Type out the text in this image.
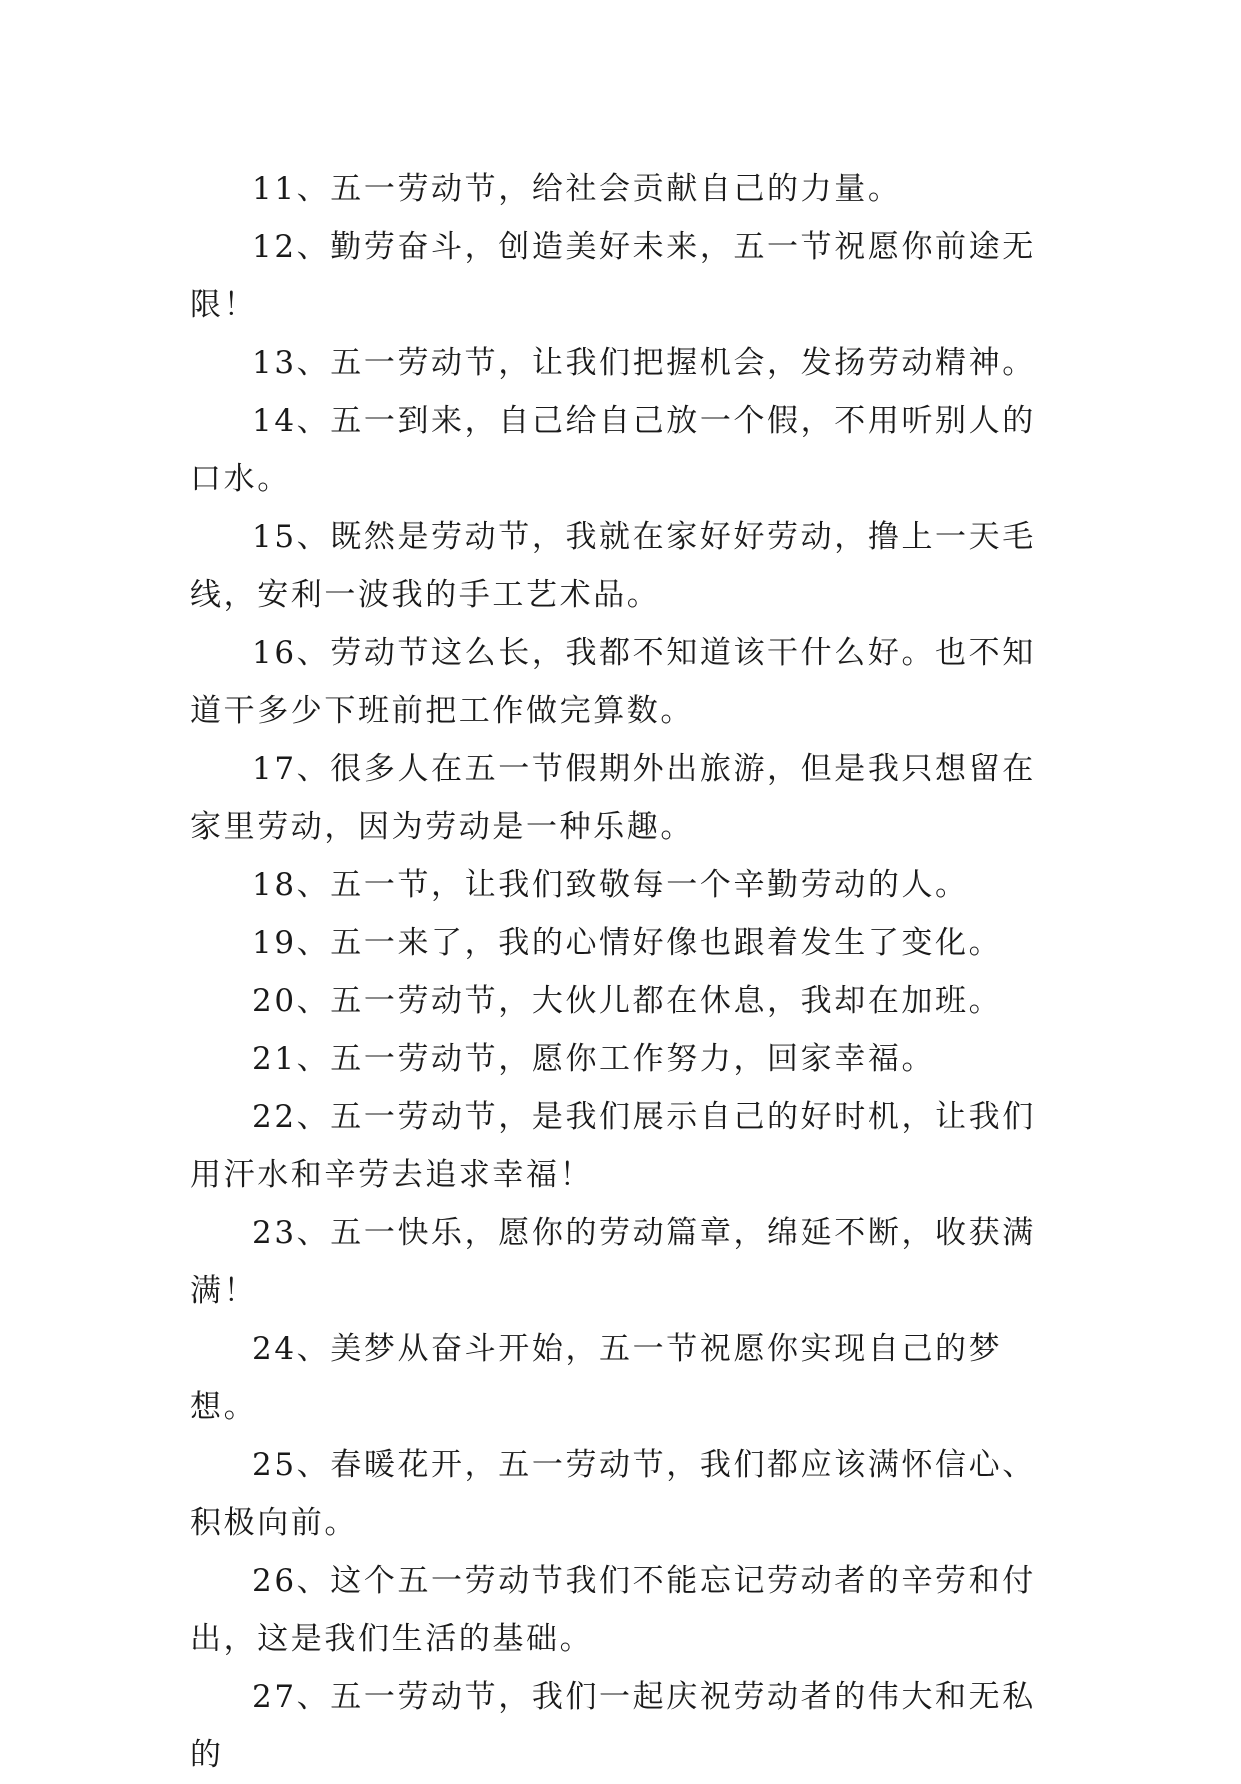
11、五一劳动节，给社会贡献自己的力量。

12、勤劳奋斗，创造美好未来，五一节祝愿你前途无限！

13、五一劳动节，让我们把握机会，发扬劳动精神。

14、五一到来，自己给自己放一个假，不用听别人的口水。

15、既然是劳动节，我就在家好好劳动，撸上一天毛线，安利一波我的手工艺术品。

16、劳动节这么长，我都不知道该干什么好。也不知道干多少下班前把工作做完算数。

17、很多人在五一节假期外出旅游，但是我只想留在家里劳动，因为劳动是一种乐趣。

18、五一节，让我们致敬每一个辛勤劳动的人。

19、五一来了，我的心情好像也跟着发生了变化。

20、五一劳动节，大伙儿都在休息，我却在加班。

21、五一劳动节，愿你工作努力，回家幸福。

22、五一劳动节，是我们展示自己的好时机，让我们用汗水和辛劳去追求幸福！

23、五一快乐，愿你的劳动篇章，绵延不断，收获满满！

24、美梦从奋斗开始，五一节祝愿你实现自己的梦想。

25、春暖花开，五一劳动节，我们都应该满怀信心、积极向前。

26、这个五一劳动节我们不能忘记劳动者的辛劳和付出，这是我们生活的基础。

27、五一劳动节，我们一起庆祝劳动者的伟大和无私的
